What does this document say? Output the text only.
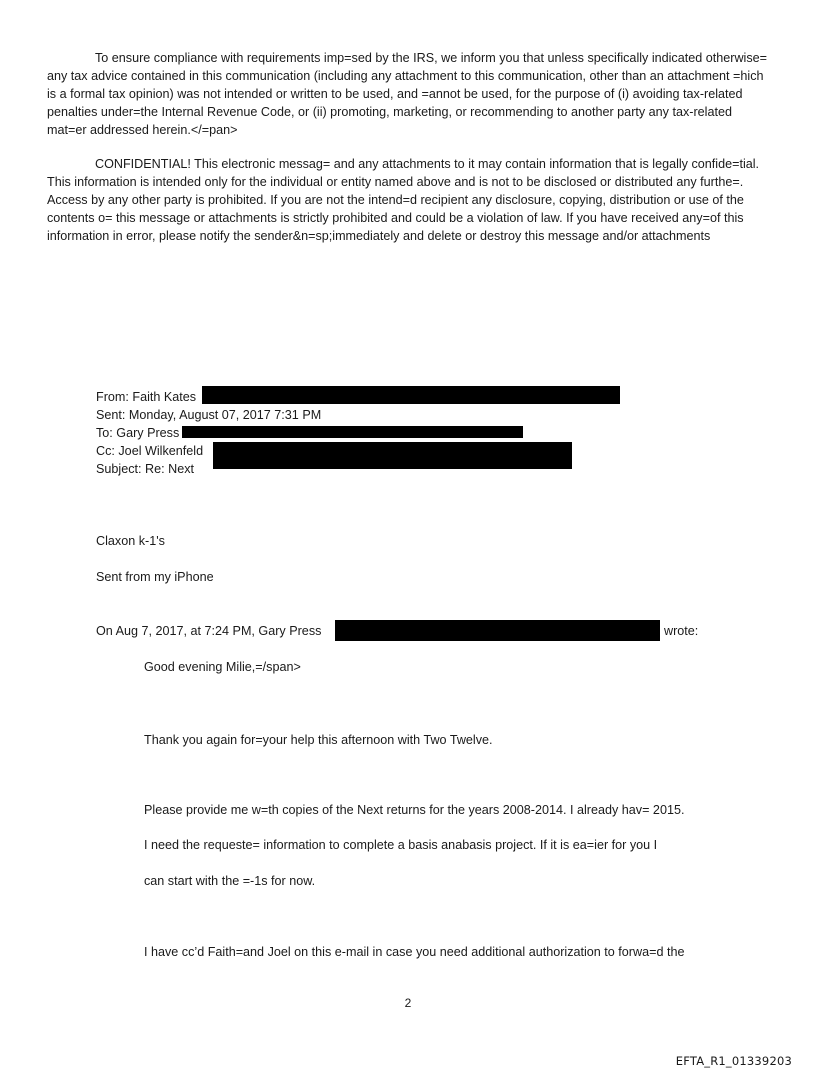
To ensure compliance with requirements imp=sed by the IRS, we inform you that unless specifically indicated otherwise= any tax advice contained in this communication (including any attachment to this communication, other than an attachment =hich is a formal tax opinion) was not intended or written to be used, and =annot be used, for the purpose of (i) avoiding tax-related penalties under=the Internal Revenue Code, or (ii) promoting, marketing, or recommending to another party any tax-related mat=er addressed herein.</=pan>

CONFIDENTIAL! This electronic messag= and any attachments to it may contain information that is legally confide=tial. This information is intended only for the individual or entity named above and is not to be disclosed or distributed any furthe=. Access by any other party is prohibited. If you are not the intend=d recipient any disclosure, copying, distribution or use of the contents o= this message or attachments is strictly prohibited and could be a violation of law. If you have received any=of this information in error, please notify the sender&n=sp;immediately and delete or destroy this message and/or attachments

From: Faith Kates
Sent: Monday, August 07, 2017 7:31 PM
To: Gary Press
Cc: Joel Wilkenfeld
Subject: Re: Next
Claxon k-1's
Sent from my iPhone
On Aug 7, 2017, at 7:24 PM, Gary Press	wrote:
Good evening Milie,=/span>
Thank you again for=your help this afternoon with Two Twelve.
Please provide me w=th copies of the Next returns for the years 2008-2014. I already hav= 2015.
I need the requeste= information to complete a basis anabasis project. If it is ea=ier for you I
can start with the =-1s for now.
I have cc’d Faith=and Joel on this e-mail in case you need additional authorization to forwa=d the
2
EFTA_R1_01339203
